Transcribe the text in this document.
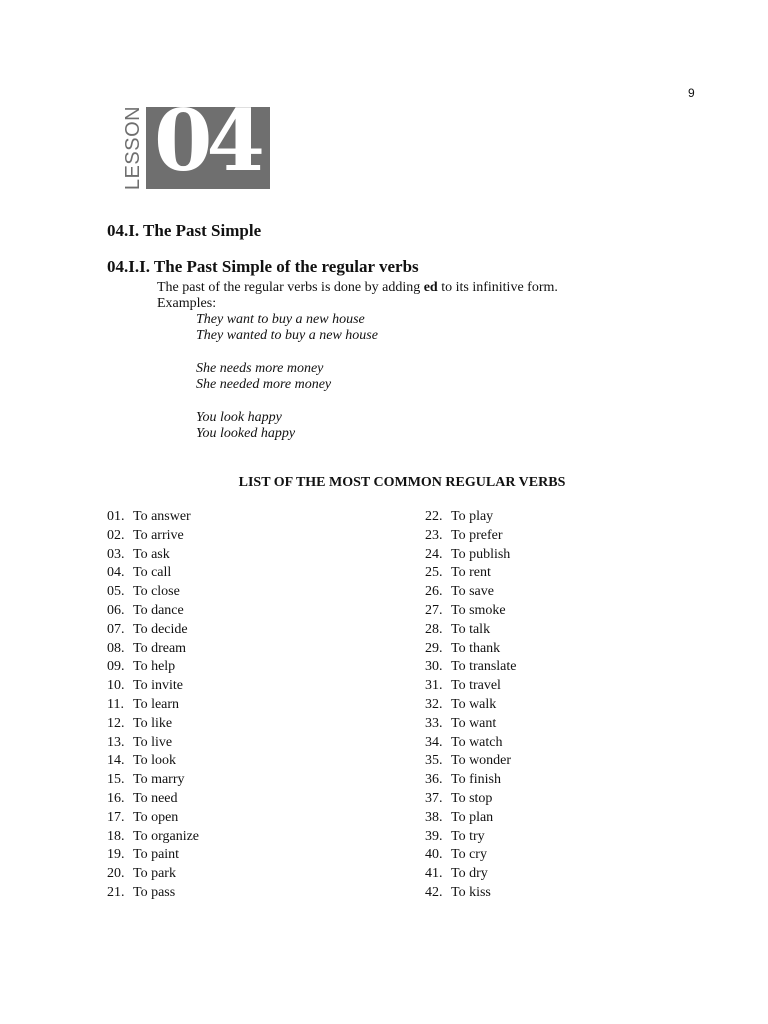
9
LESSON 04
04.I. The Past Simple
04.I.I. The Past Simple of the regular verbs
The past of the regular verbs is done by adding ed to its infinitive form.
Examples:
They want to buy a new house
They wanted to buy a new house
She needs more money
She needed more money
You look happy
You looked happy
LIST OF THE MOST COMMON REGULAR VERBS
01. To answer
02. To arrive
03. To ask
04. To call
05. To close
06. To dance
07. To decide
08. To dream
09. To help
10. To invite
11. To learn
12. To like
13. To live
14. To look
15. To marry
16. To need
17. To open
18. To organize
19. To paint
20. To park
21. To pass
22. To play
23. To prefer
24. To publish
25. To rent
26. To save
27. To smoke
28. To talk
29. To thank
30. To translate
31. To travel
32. To walk
33. To want
34. To watch
35. To wonder
36. To finish
37. To stop
38. To plan
39. To try
40. To cry
41. To dry
42. To kiss
